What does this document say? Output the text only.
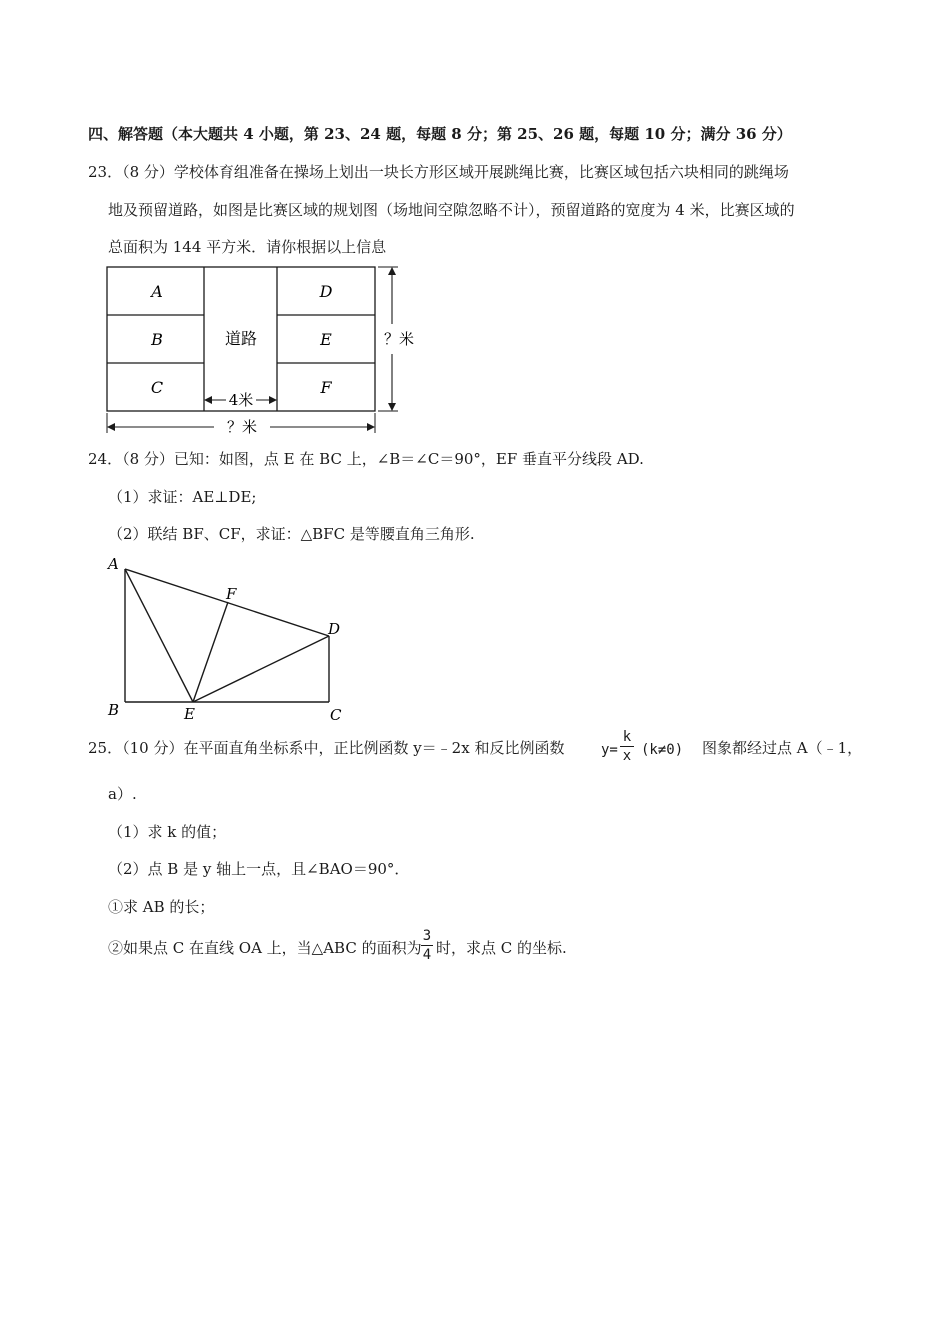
四、解答题（本大题共 4 小题，第 23、24 题，每题 8 分；第 25、26 题，每题 10 分；满分 36 分）
23．（8 分）学校体育组准备在操场上划出一块长方形区域开展跳绳比赛，比赛区域包括六块相同的跳绳场
地及预留道路，如图是比赛区域的规划图（场地间空隙忽略不计），预留道路的宽度为 4 米，比赛区域的
总面积为 144 平方米．请你根据以上信息
A
B
C
D
E
F
道路
4米
？米
？米
24．（8 分）已知：如图，点 E 在 BC 上，∠B＝∠C＝90°，EF 垂直平分线段 AD.
（1）求证：AE⊥DE;
（2）联结 BF、CF，求证：△BFC 是等腰直角三角形.
A
F
D
B	E	C
25．（10 分）在平面直角坐标系中，正比例函数 y＝﹣2x 和反比例函数	y=
k
x (k≠0) 图象都经过点 A（﹣1，
a）.
（1）求 k 的值；
（2）点 B 是 y 轴上一点，且∠BAO＝90°．
①求 AB 的长；
②如果点 C 在直线 OA 上，当△ABC 的面积为
3
4 时，求点 C 的坐标.
